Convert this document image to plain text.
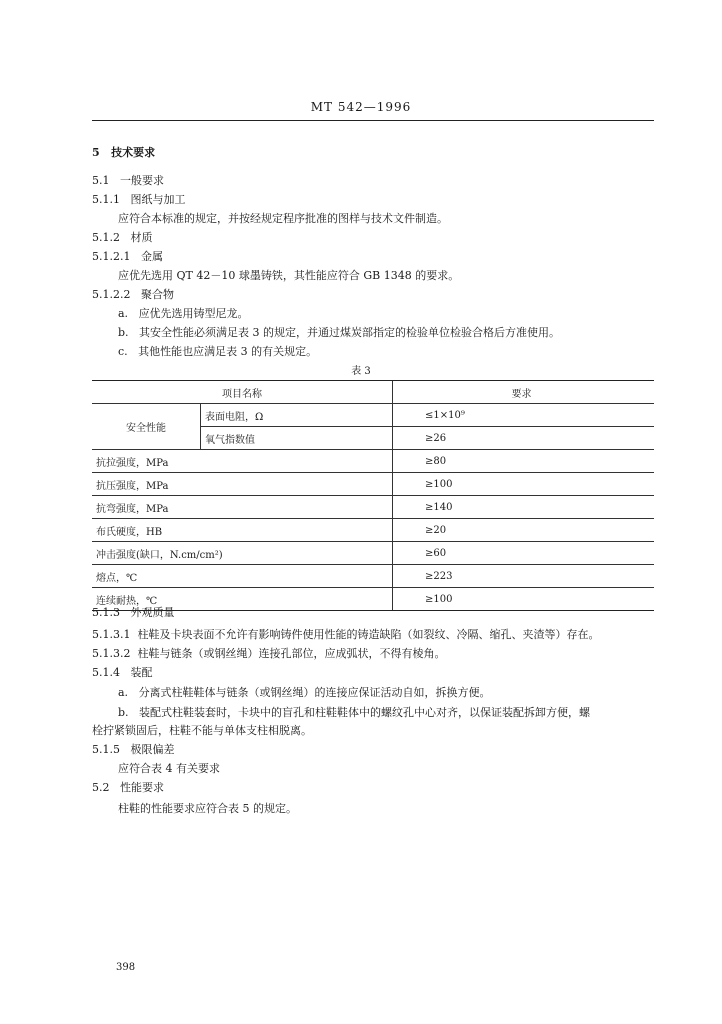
MT 542—1996
5 技术要求
5.1 一般要求
5.1.1 图纸与加工
应符合本标准的规定，并按经规定程序批准的图样与技术文件制造。
5.1.2 材质
5.1.2.1 金属
应优先选用 QT 42－10 球墨铸铁，其性能应符合 GB 1348 的要求。
5.1.2.2 聚合物
a. 应优先选用铸型尼龙。
b. 其安全性能必须满足表 3 的规定，并通过煤炭部指定的检验单位检验合格后方准使用。
c. 其他性能也应满足表 3 的有关规定。
表 3
项目名称		要求
安全性能	表面电阻，Ω	≤1×10⁹
	氧气指数值	≥26
抗拉强度，MPa		≥80
抗压强度，MPa		≥100
抗弯强度，MPa		≥140
布氏硬度，HB		≥20
冲击强度(缺口，N.cm/cm²)		≥60
熔点，℃		≥223
连续耐热，℃		≥100
5.1.3 外观质量
5.1.3.1 柱鞋及卡块表面不允许有影响铸件使用性能的铸造缺陷（如裂纹、冷隔、缩孔、夹渣等）存在。
5.1.3.2 柱鞋与链条（或钢丝绳）连接孔部位，应成弧状，不得有棱角。
5.1.4 装配
a. 分离式柱鞋鞋体与链条（或钢丝绳）的连接应保证活动自如，拆换方便。
b. 装配式柱鞋装套时，卡块中的盲孔和柱鞋鞋体中的螺纹孔中心对齐，以保证装配拆卸方便，螺
栓拧紧锁固后，柱鞋不能与单体支柱相脱离。
5.1.5 极限偏差
应符合表 4 有关要求
5.2 性能要求
柱鞋的性能要求应符合表 5 的规定。
398
